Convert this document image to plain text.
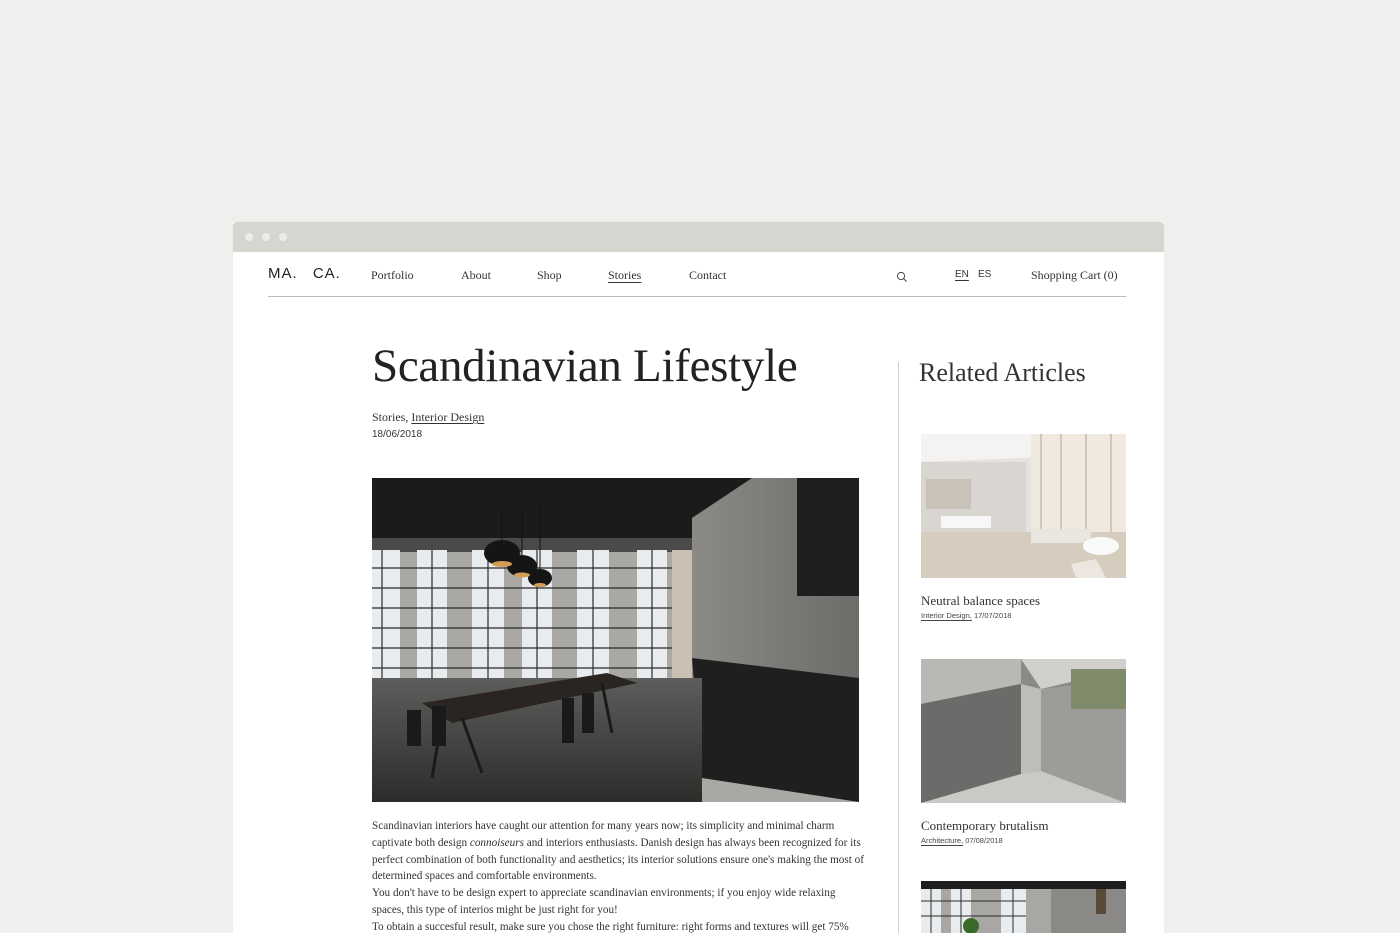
MA. CA.	Portfolio	About	Shop	Stories	Contact	EN ES	Shopping Cart (0)
Scandinavian Lifestyle
Stories, Interior Design
18/06/2018

Scandinavian interiors have caught our attention for many years now; its simplicity and minimal charm captivate both design connoiseurs and interiors enthusiasts. Danish design has always been recognized for its perfect combination of both functionality and aesthetics; its interior solutions ensure one's making the most of determined spaces and comfortable environments.

You don't have to be design expert to appreciate scandinavian environments; if you enjoy wide relaxing spaces, this type of interios might be just right for you!

To obtain a succesful result, make sure you chose the right furniture: right forms and textures will get 75%

Related Articles
Neutral balance spaces
Interior Design, 17/07/2018
Contemporary brutalism
Architecture, 07/08/2018
